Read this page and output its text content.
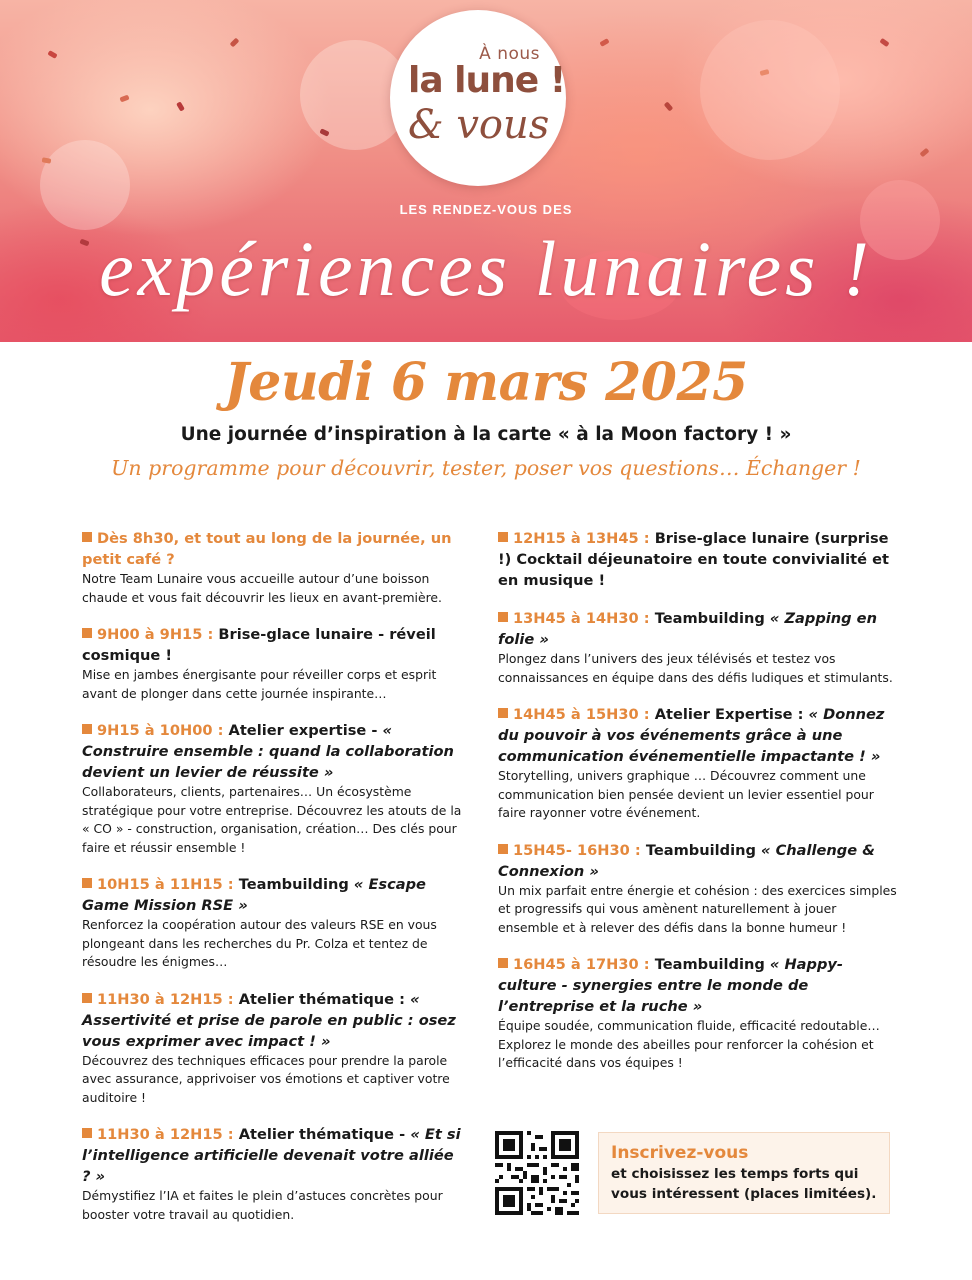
À nous
la lune !
& vous
LES RENDEZ-VOUS DES
expériences lunaires !
Jeudi 6 mars 2025
Une journée d’inspiration à la carte « à la Moon factory ! »
Un programme pour découvrir, tester, poser vos questions… Échanger !
Dès 8h30, et tout au long de la journée, un petit café ?
Notre Team Lunaire vous accueille autour d’une boisson chaude et vous fait découvrir les lieux en avant-première.
9H00 à 9H15 : Brise-glace lunaire - réveil cosmique !
Mise en jambes énergisante pour réveiller corps et esprit avant de plonger dans cette journée inspirante…
9H15 à 10H00 : Atelier expertise - « Construire ensemble : quand la collaboration devient un levier de réussite »
Collaborateurs, clients, partenaires… Un écosystème stratégique pour votre entreprise. Découvrez les atouts de la « CO » - construction, organisation, création… Des clés pour faire et réussir ensemble !
10H15 à 11H15 : Teambuilding « Escape Game Mission RSE »
Renforcez la coopération autour des valeurs RSE en vous plongeant dans les recherches du Pr. Colza et tentez de résoudre les énigmes…
11H30 à 12H15 : Atelier thématique : « Assertivité et prise de parole en public : osez vous exprimer avec impact ! »
Découvrez des techniques efficaces pour prendre la parole avec assurance, apprivoiser vos émotions et captiver votre auditoire !
11H30 à 12H15 : Atelier thématique - « Et si l’intelligence artificielle devenait votre alliée ? »
Démystifiez l’IA et faites le plein d’astuces concrètes pour booster votre travail au quotidien.
12H15 à 13H45 : Brise-glace lunaire (surprise !) Cocktail déjeunatoire en toute convivialité et en musique !
13H45 à 14H30 : Teambuilding « Zapping en folie »
Plongez dans l’univers des jeux télévisés et testez vos connaissances en équipe dans des défis ludiques et stimulants.
14H45 à 15H30 : Atelier Expertise : « Donnez du pouvoir à vos événements grâce à une communication événementielle impactante ! »
Storytelling, univers graphique … Découvrez comment une communication bien pensée devient un levier essentiel pour faire rayonner votre événement.
15H45- 16H30 : Teambuilding « Challenge & Connexion »
Un mix parfait entre énergie et cohésion : des exercices simples et progressifs qui vous amènent naturellement à jouer ensemble et à relever des défis dans la bonne humeur !
16H45 à 17H30 : Teambuilding « Happy-culture - synergies entre le monde de l’entreprise et la ruche »
Équipe soudée, communication fluide, efficacité redoutable… Explorez le monde des abeilles pour renforcer la cohésion et l’efficacité dans vos équipes !
Inscrivez-vous
et choisissez les temps forts qui vous intéressent (places limitées).
